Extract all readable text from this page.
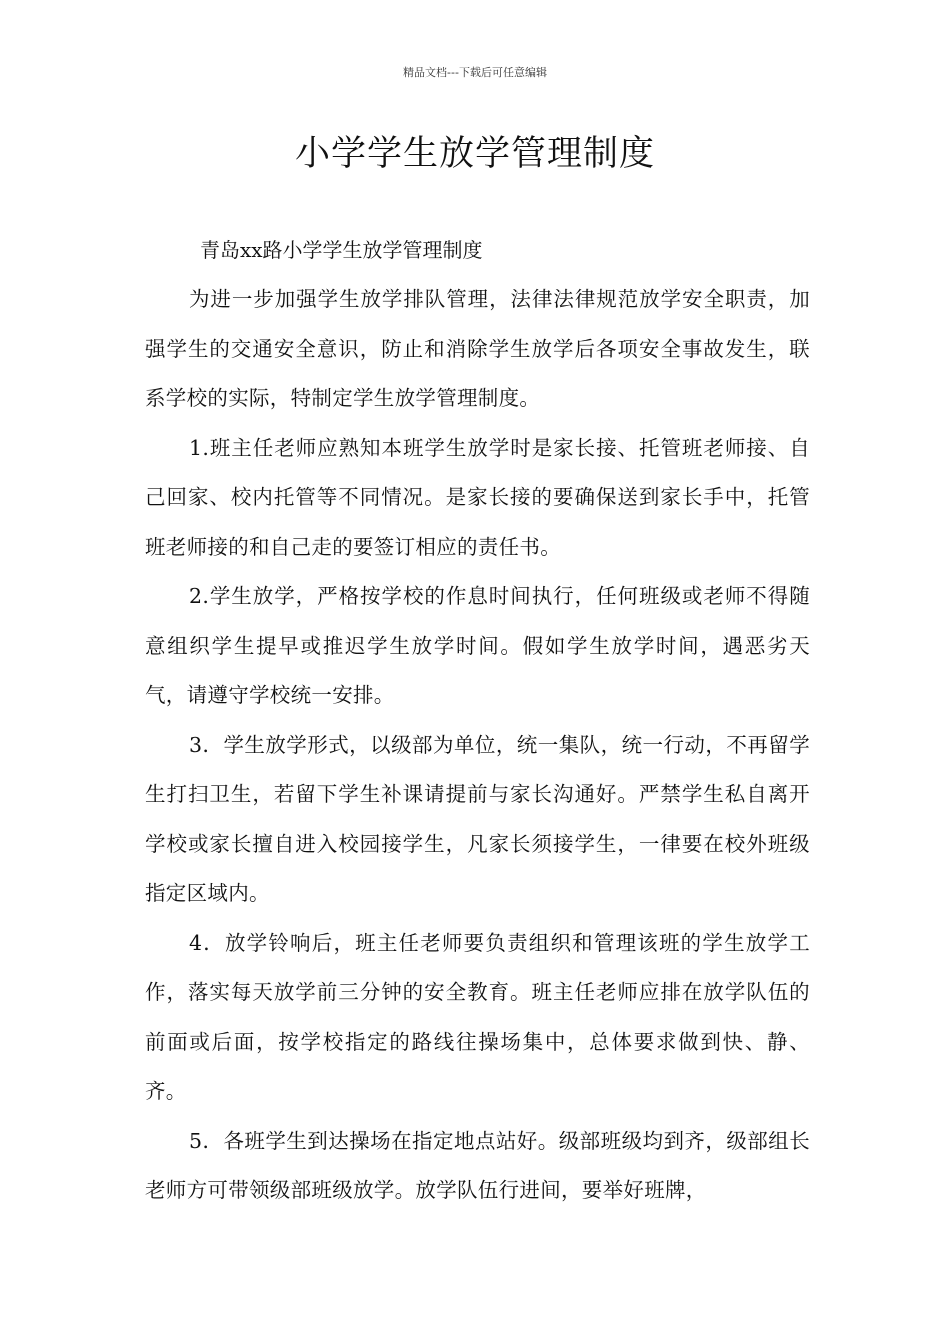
精品文档---下载后可任意编辑
小学学生放学管理制度

青岛xx路小学学生放学管理制度

为进一步加强学生放学排队管理，法律法律规范放学安全职责，加强学生的交通安全意识，防止和消除学生放学后各项安全事故发生，联系学校的实际，特制定学生放学管理制度。

1.班主任老师应熟知本班学生放学时是家长接、托管班老师接、自己回家、校内托管等不同情况。是家长接的要确保送到家长手中，托管班老师接的和自己走的要签订相应的责任书。

2.学生放学，严格按学校的作息时间执行，任何班级或老师不得随意组织学生提早或推迟学生放学时间。假如学生放学时间，遇恶劣天气，请遵守学校统一安排。

3．学生放学形式，以级部为单位，统一集队，统一行动，不再留学生打扫卫生，若留下学生补课请提前与家长沟通好。严禁学生私自离开学校或家长擅自进入校园接学生，凡家长须接学生，一律要在校外班级指定区域内。

4．放学铃响后，班主任老师要负责组织和管理该班的学生放学工作，落实每天放学前三分钟的安全教育。班主任老师应排在放学队伍的前面或后面，按学校指定的路线往操场集中，总体要求做到快、静、齐。

5．各班学生到达操场在指定地点站好。级部班级均到齐，级部组长老师方可带领级部班级放学。放学队伍行进间，要举好班牌，
